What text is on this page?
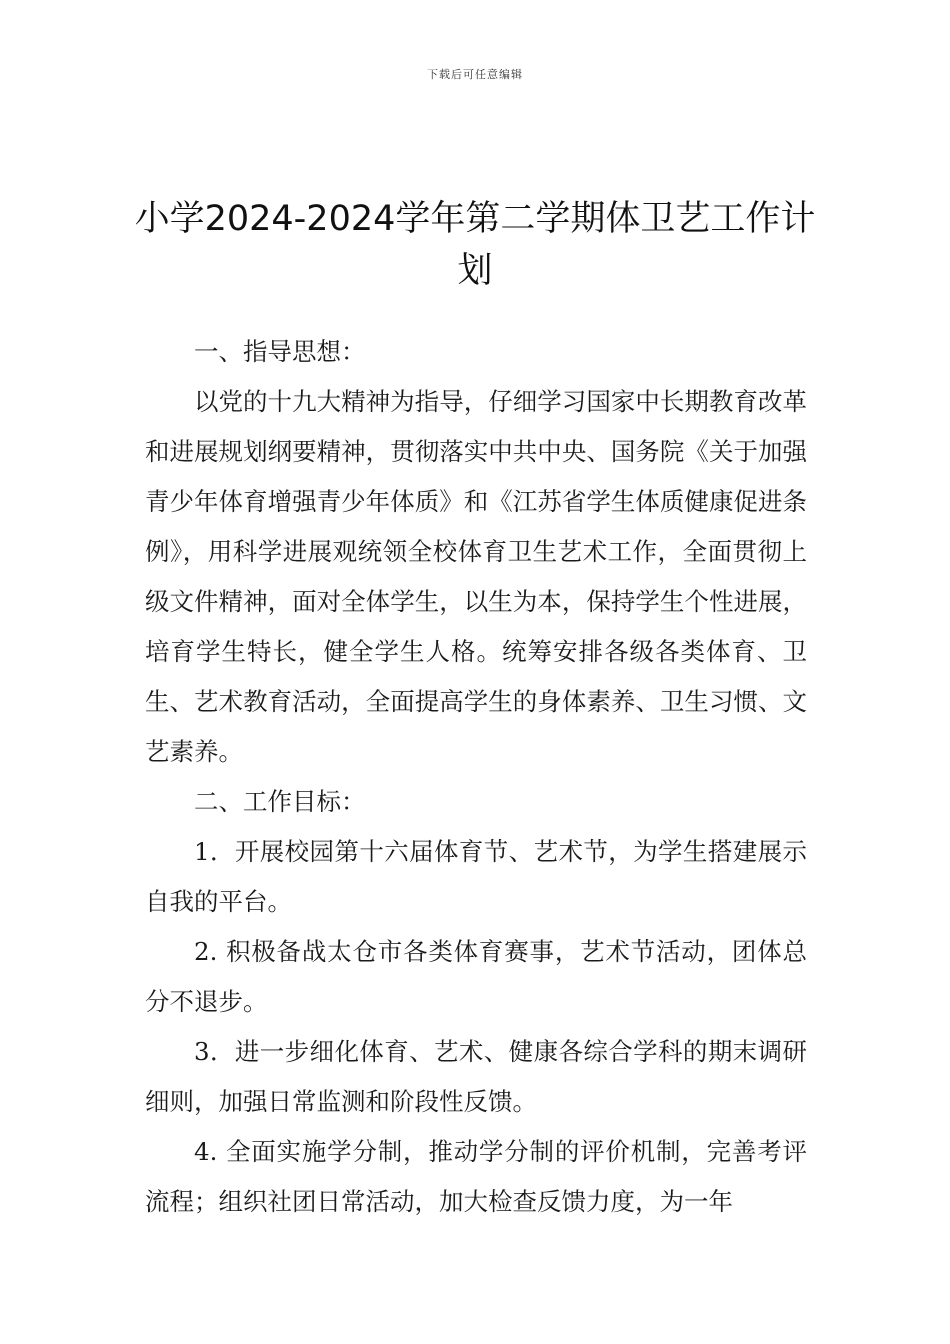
下载后可任意编辑
小学2024-2024学年第二学期体卫艺工作计划

一、指导思想：

以党的十九大精神为指导，仔细学习国家中长期教育改革和进展规划纲要精神，贯彻落实中共中央、国务院《关于加强青少年体育增强青少年体质》和《江苏省学生体质健康促进条例》，用科学进展观统领全校体育卫生艺术工作，全面贯彻上级文件精神，面对全体学生，以生为本，保持学生个性进展，培育学生特长，健全学生人格。统筹安排各级各类体育、卫生、艺术教育活动，全面提高学生的身体素养、卫生习惯、文艺素养。

二、工作目标：

1．开展校园第十六届体育节、艺术节，为学生搭建展示自我的平台。

2. 积极备战太仓市各类体育赛事，艺术节活动，团体总分不退步。

3．进一步细化体育、艺术、健康各综合学科的期末调研细则，加强日常监测和阶段性反馈。

4. 全面实施学分制，推动学分制的评价机制，完善考评流程；组织社团日常活动，加大检查反馈力度，为一年
